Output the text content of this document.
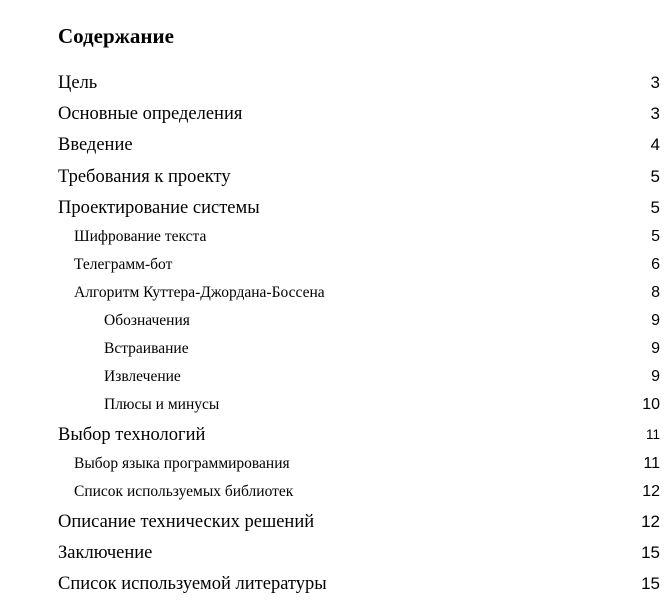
Содержание
Цель	3
Основные определения	3
Введение	4
Требования к проекту	5
Проектирование системы	5
Шифрование текста	5
Телеграмм-бот	6
Алгоритм Куттера-Джордана-Боссена	8
Обозначения	9
Встраивание	9
Извлечение	9
Плюсы и минусы	10
Выбор технологий	11
Выбор языка программирования	11
Список используемых библиотек	12
Описание технических решений	12
Заключение	15
Список используемой литературы	15
